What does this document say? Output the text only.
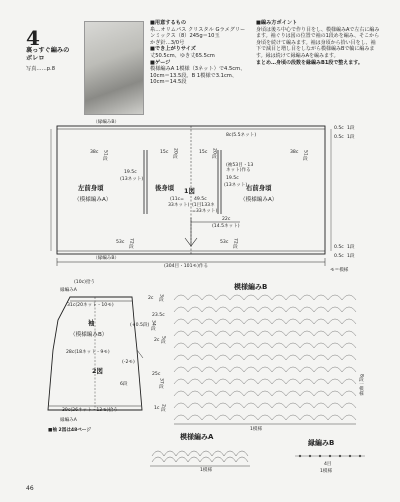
4
裏っすぐ編みの
ボレロ
写真……p.8
■用意するもの
糸…オリムパス クリスタル Gラメグリー
ンミックス（8）245g＝10玉
かぎ針…3/0号
■でき上がりサイズ
丈50.5cm、ゆき丈65.5cm
■ゲージ
模様編みA 1模様（3ネット）で4.5cm、
10cm＝13.5段。B 1模様で3.1cm、
10cm＝14.5段
■編み方ポイント
身頃は後ろ中心で作り目をし、模様編みAで左右に編みます。袖ぐりは図の位置で袖の1段めを編み、そこから身頃を続けて編みます。袖は身頃から拾い目をし、袖下で減目と増し目をしながら模様編みBで輪に編みます。縁は続けて縁編みAを編みます。
まとめ…身頃の段数を縁編みB1段で整えます。
（縁編みB）
（縁編みB）
左前身頃
（模様編みA）
後身頃	右前身頃
（模様編みA）
1図
38c 51段	38c 51段
15c 20段	15c 20段
8c(5.5ネット)
0.5c 1段
0.5c 1段
19.5c
(13ネット)	19.5c
(13ネット)
(袖53目・13ネット)作る
(11c=
33ネット)
49.5c
(1目133ネ
=33ネット)
22c
(14.5ネット)
53c 72段	53c 72段	0.5c 1段
0.5c 1段
(304目・101モ)作る
モ＝模様
(10c)拾う
縁編みA
31c(20ネット・10モ)
袖
（模様編みB）
28c(18ネット・9モ)
2図
39c(26ネット・13モ)拾う
縁編みA
2c 3段
23.5c
34段
(+0.5段)
2c 5段
(-2モ)
25c
37段
6段
1c 2段
模様編みB
8段一模様
1模様
模様編みA
1模様
縁編みB
4目
1模様
■袖 2図は48ページ
46
